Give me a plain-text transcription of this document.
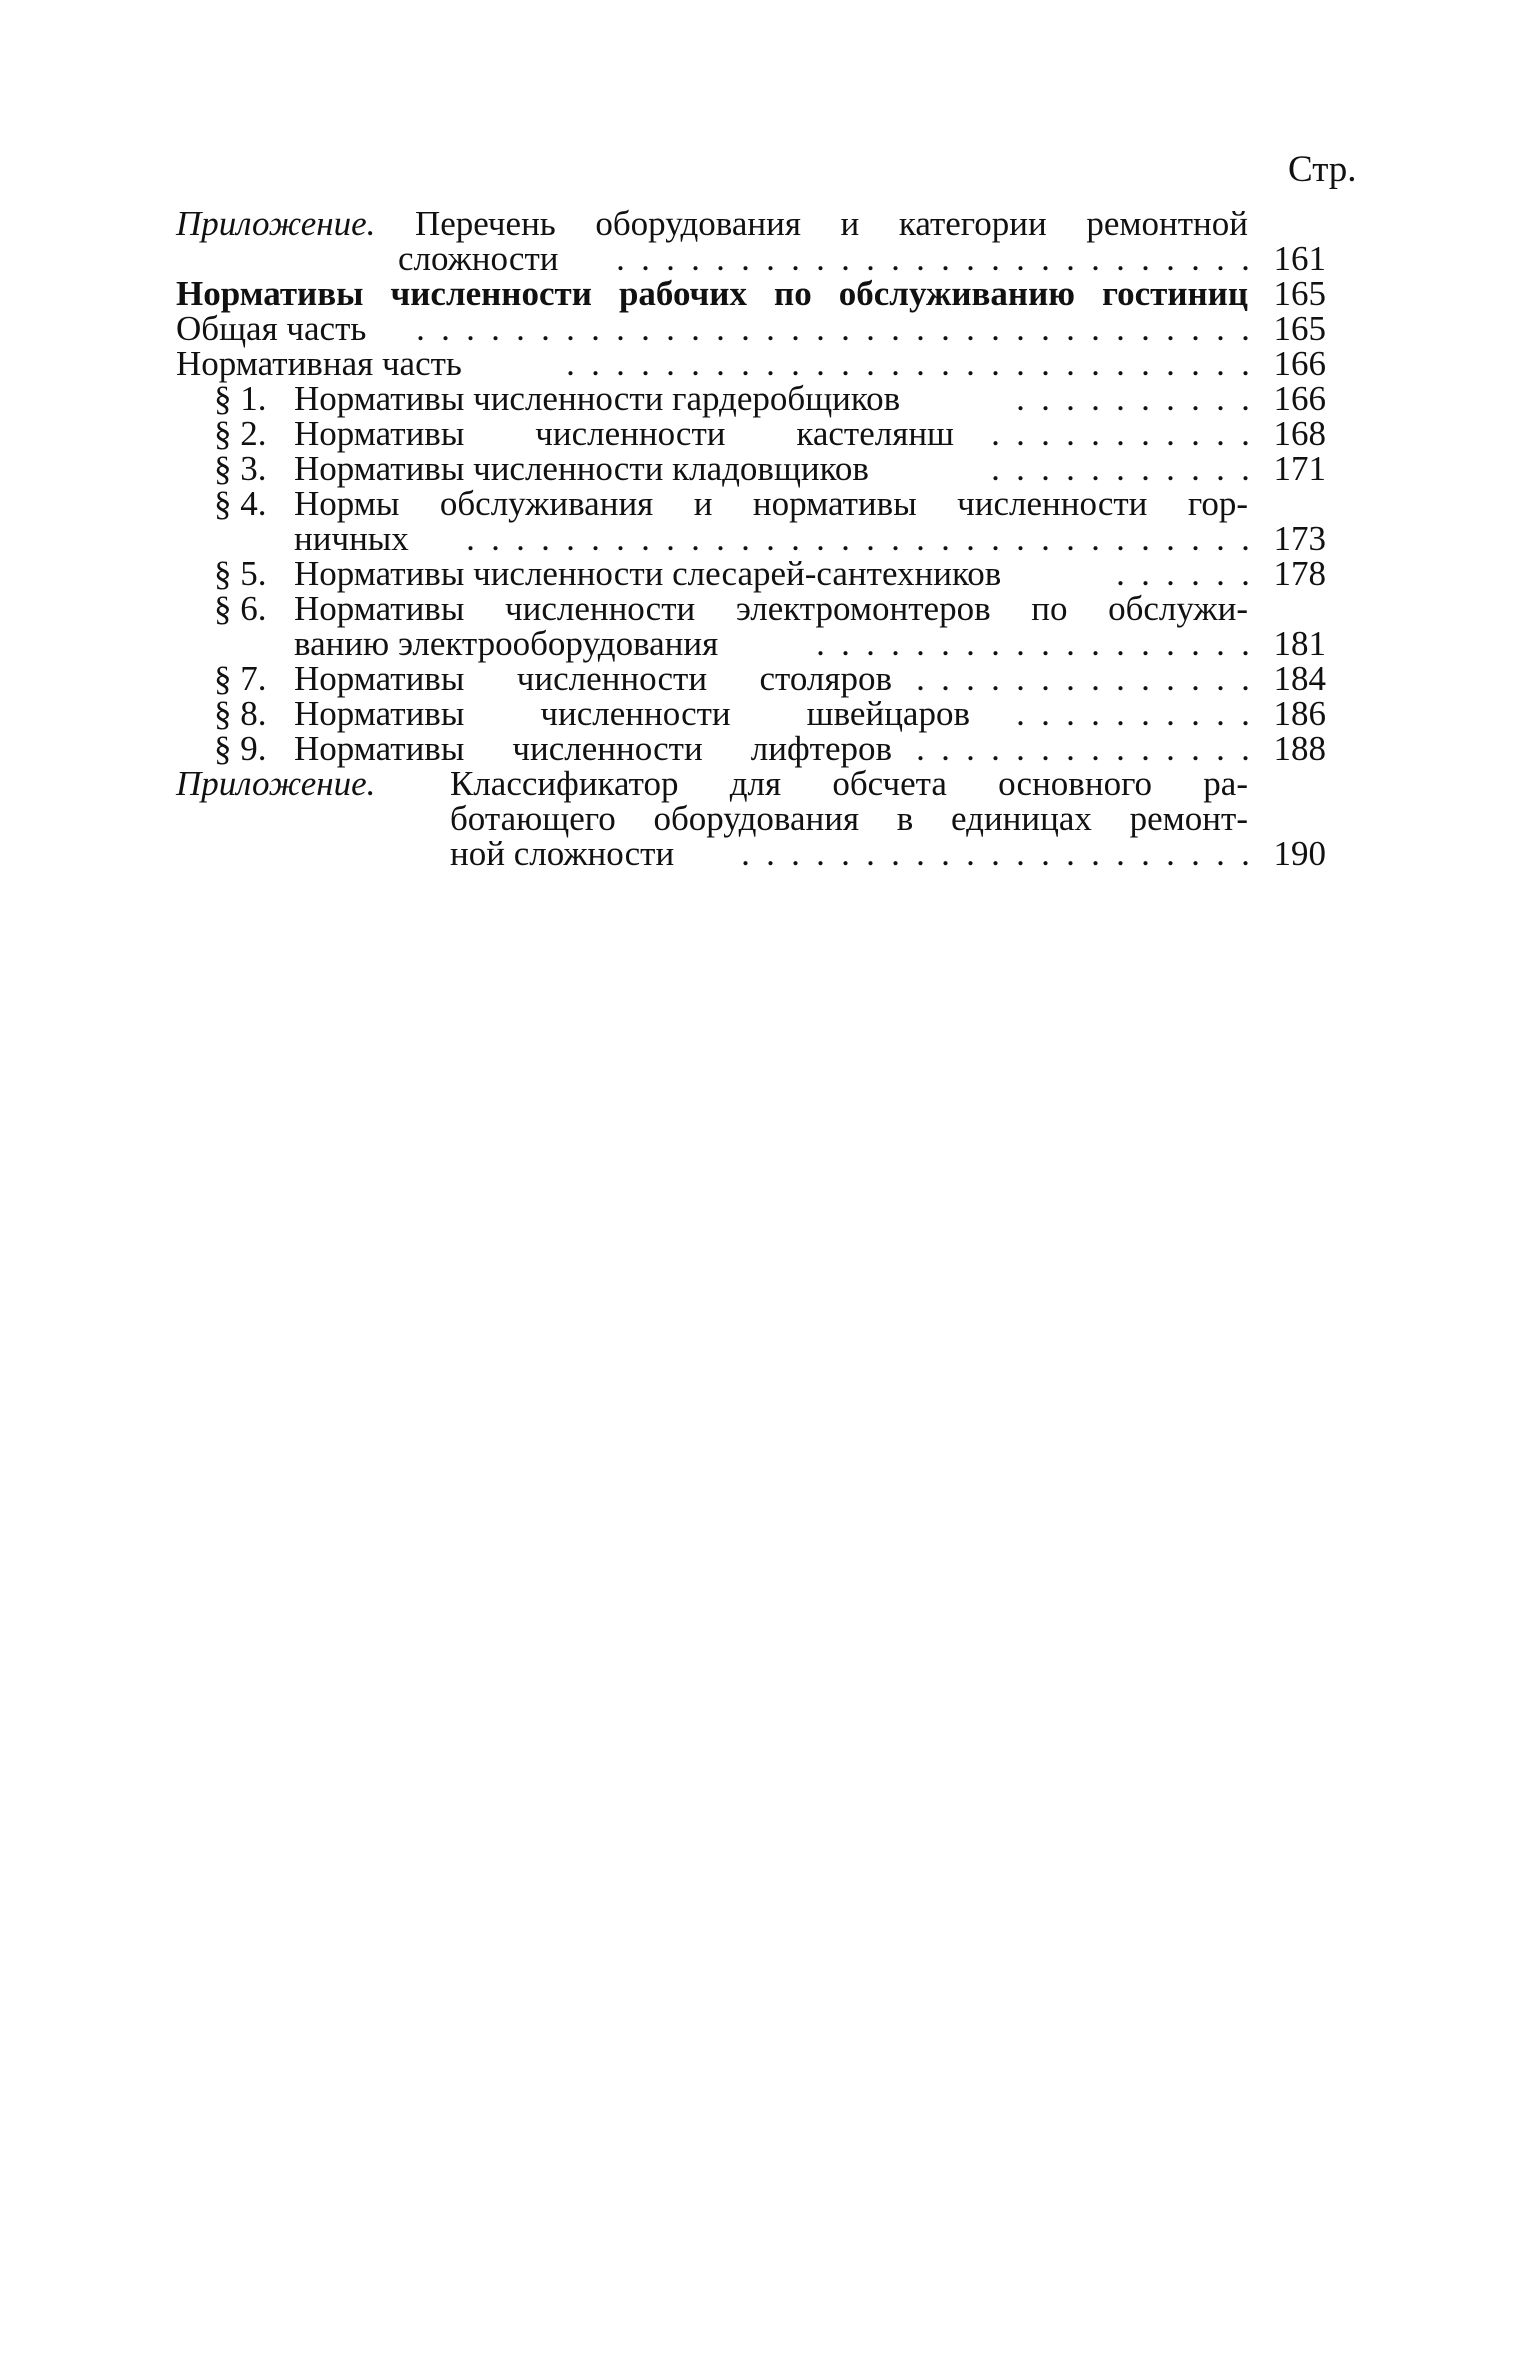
Стр.
Приложение. Перечень оборудования и категории ремонтной
сложности	. . . . . . . . . . . . . . . . . . . . . . . . . . 161
Нормативы численности рабочих по обслуживанию гостиниц 165
Общая часть . . . . . . . . . . . . . . . . . . . . . . . . . . . . . . . . . . 165
Нормативная часть	. . . . . . . . . . . . . . . . . . . . . . . . . . . . 166
§ 1. Нормативы численности гардеробщиков	. . . . . . . . . . 166
§ 2. Нормативы численности кастелянш	. . . . . . . . . . . 168
§ 3. Нормативы численности кладовщиков	. . . . . . . . . . . 171
§ 4. Нормы обслуживания и нормативы численности гор-
ничных . . . . . . . . . . . . . . . . . . . . . . . . . . . . . . . . 173
§ 5. Нормативы численности слесарей-сантехников	. . . . . . 178
§ 6. Нормативы численности электромонтеров по обслужи-
ванию электрооборудования	. . . . . . . . . . . . . . . . . . 181
§ 7. Нормативы численности столяров . . . . . . . . . . . . . . 184
§ 8. Нормативы численности швейцаров	. . . . . . . . . . 186
§ 9. Нормативы численности лифтеров . . . . . . . . . . . . . . 188
Приложение. Классификатор для обсчета основного ра-
ботающего оборудования в единицах ремонт-
ной сложности	. . . . . . . . . . . . . . . . . . . . . 190
